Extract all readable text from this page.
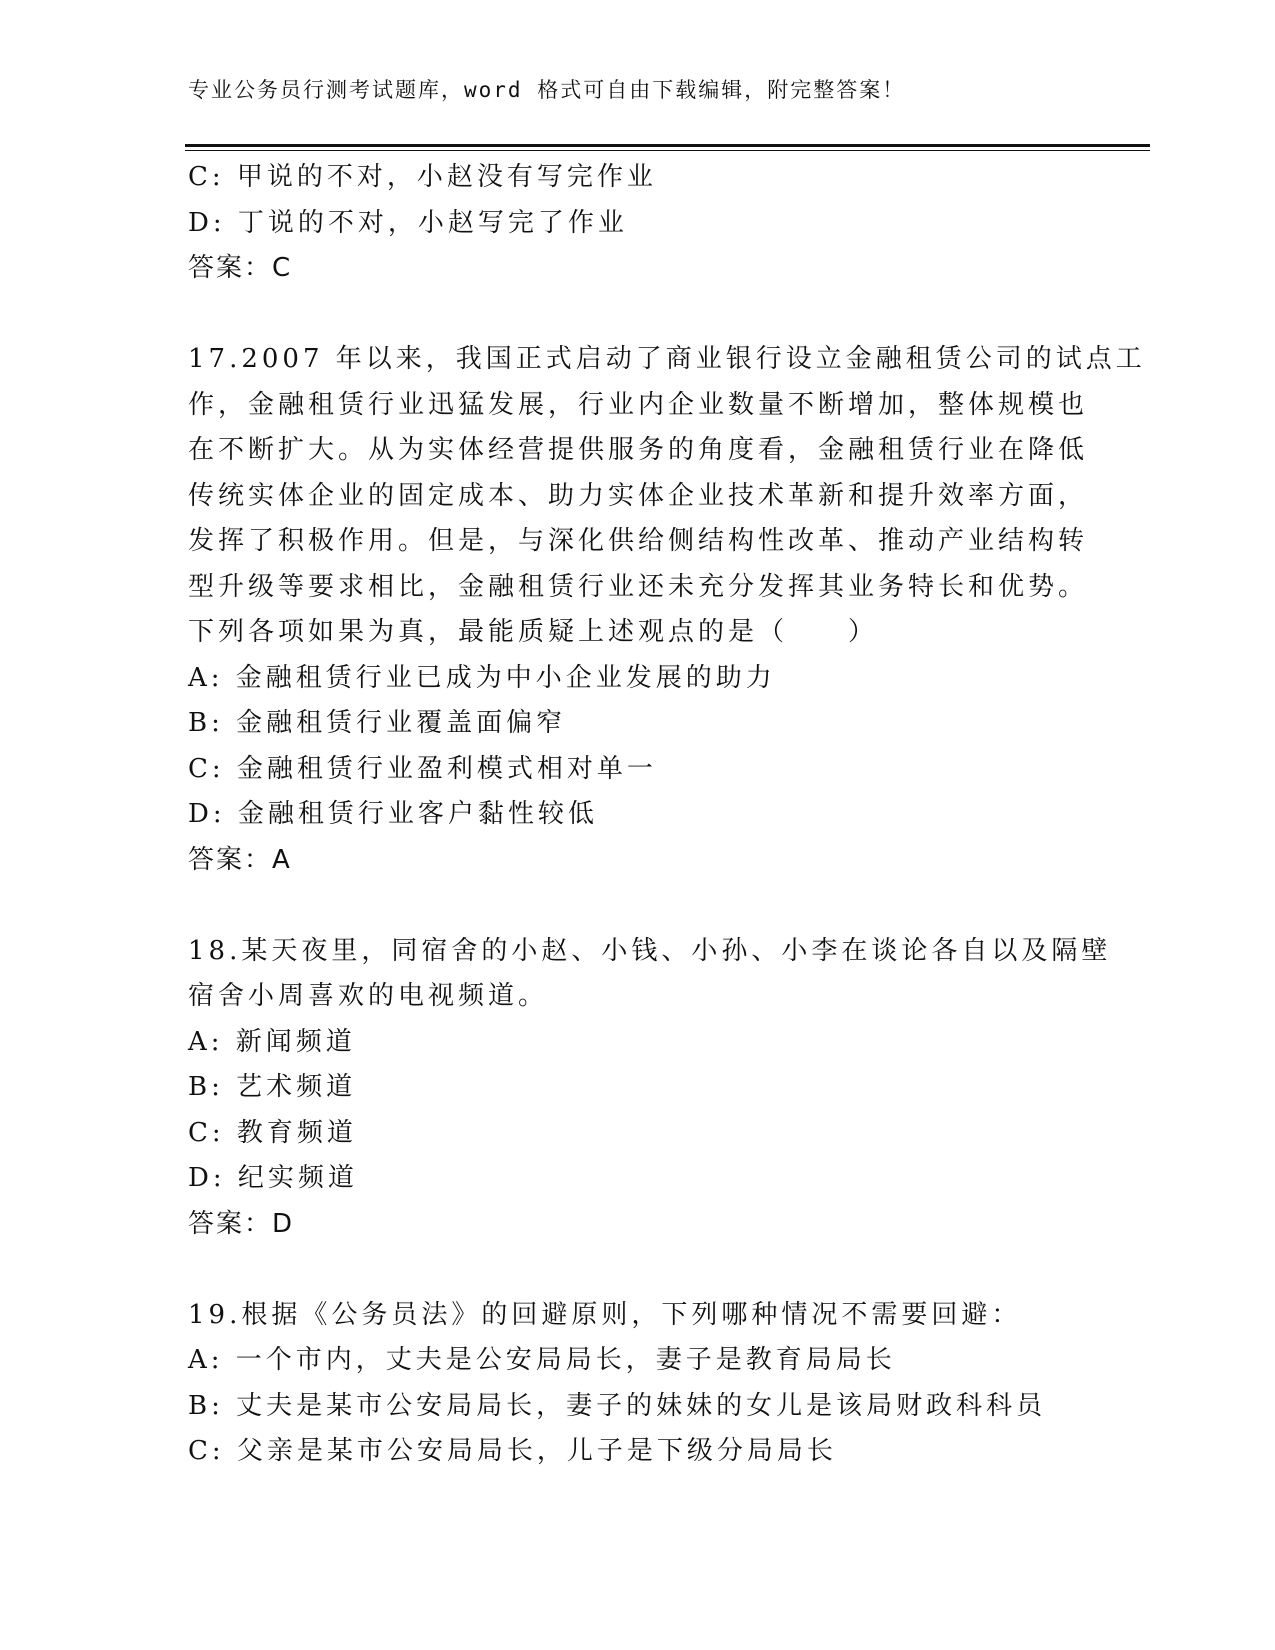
专业公务员行测考试题库，word 格式可自由下载编辑，附完整答案！
C: 甲说的不对，小赵没有写完作业
D: 丁说的不对，小赵写完了作业
答案：C
17.2007 年以来，我国正式启动了商业银行设立金融租赁公司的试点工
作，金融租赁行业迅猛发展，行业内企业数量不断增加，整体规模也
在不断扩大。从为实体经营提供服务的角度看，金融租赁行业在降低
传统实体企业的固定成本、助力实体企业技术革新和提升效率方面，
发挥了积极作用。但是，与深化供给侧结构性改革、推动产业结构转
型升级等要求相比，金融租赁行业还未充分发挥其业务特长和优势。
下列各项如果为真，最能质疑上述观点的是（　　）
A: 金融租赁行业已成为中小企业发展的助力
B: 金融租赁行业覆盖面偏窄
C: 金融租赁行业盈利模式相对单一
D: 金融租赁行业客户黏性较低
答案：A
18.某天夜里，同宿舍的小赵、小钱、小孙、小李在谈论各自以及隔壁
宿舍小周喜欢的电视频道。
A: 新闻频道
B: 艺术频道
C: 教育频道
D: 纪实频道
答案：D
19.根据《公务员法》的回避原则，下列哪种情况不需要回避：
A: 一个市内，丈夫是公安局局长，妻子是教育局局长
B: 丈夫是某市公安局局长，妻子的妹妹的女儿是该局财政科科员
C: 父亲是某市公安局局长，儿子是下级分局局长
